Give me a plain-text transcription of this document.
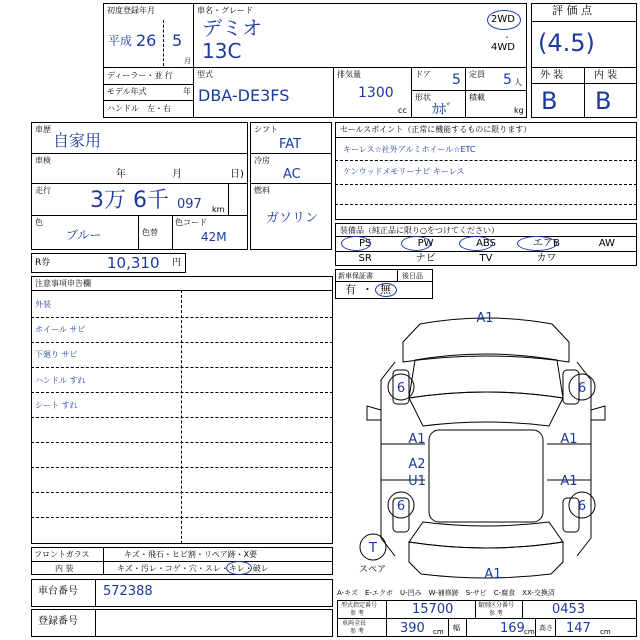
初度登録年月
平成 26 5
月
車名・グレード
デミオ
13C
2WD
・
4WD
ディーラー・並 行
モデル年式	年
ハンドル　左・右
型式
DBA-DE3FS
排気量
1300
cc
ドア 5 定員 5 人
形状
ｶﾎﾞ
積載
kg
評 価 点
(4.5)
外 装	内 装
B B
車歴
自家用
車検
年	月	日)
走行 3万 6千 097 km
色
ブルー	色替
色コード
42M
シフト
FAT
冷房
AC
燃料
ガソリン
R券	10,310 円
セールスポイント（正常に機能するものに限ります）
キーレス☆社外アルミホイール☆ETC
ケンウッドメモリーナビ キーレス
装備品（純正品に限り○をつけてください）
PS	PW	ABS	エアB	AW
SR	ナビ	TV	カワ
新車保証書	後日品
有 ・ 無
注意事項申告欄
外装
ホイール サビ
下廻り サビ
ハンドル すれ
シート すれ
フロントガラス	キズ・飛石・ヒビ割・リペア跡・X要
内 装	キズ・汚レ・コゲ・穴・スレ・キレ・破レ
車台番号 572388
登録番号
A-キズ　E-エクボ　U-凹み　W-補修跡　S-サビ　C-腐食　XX-交換済
型式指定番号
参 考	15700	類別区分番号
参 考	0453
車両全長
参 考	390 cm 幅	169 cm 高さ 147 cm
A1
6	6
A1	A1
A2
U1	A1
6	6
T
A1
スペア
